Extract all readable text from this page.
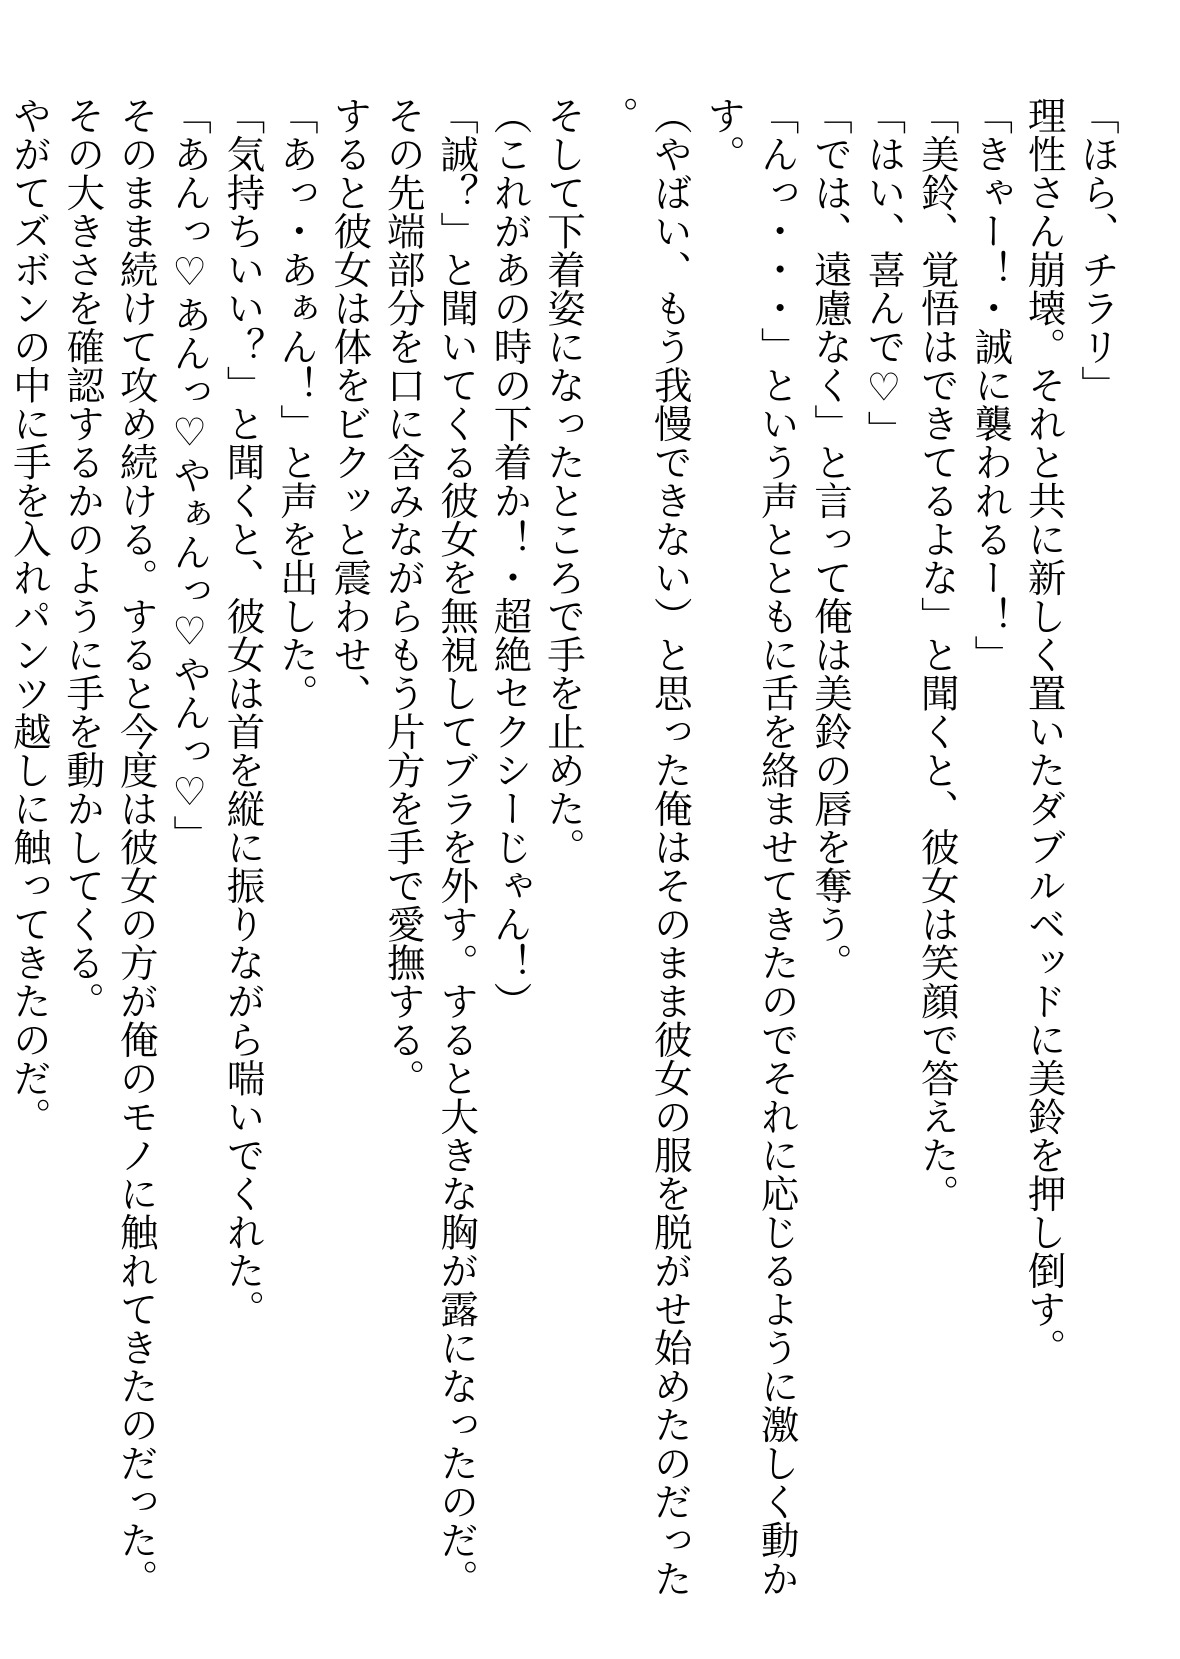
「ほら、チラリ」

理性さん崩壊。それと共に新しく置いたダブルベッドに美鈴を押し倒す。

「きゃー！・誠に襲われるー！」

「美鈴、覚悟はできてるよな」と聞くと、彼女は笑顔で答えた。

「はい、喜んで♡」

「では、遠慮なく」と言って俺は美鈴の唇を奪う。

「んっ・・・」という声とともに舌を絡ませてきたのでそれに応じるように激しく動かす。

（やばい、もう我慢できない）と思った俺はそのまま彼女の服を脱がせ始めたのだった。

そして下着姿になったところで手を止めた。

（これがあの時の下着か！・超絶セクシーじゃん！）

「誠？」と聞いてくる彼女を無視してブラを外す。すると大きな胸が露になったのだ。

その先端部分を口に含みながらもう片方を手で愛撫する。

すると彼女は体をビクッと震わせ、

「あっ・あぁん！」と声を出した。

「気持ちいい？」と聞くと、彼女は首を縦に振りながら喘いでくれた。

「あんっ♡あんっ♡やぁんっ♡やんっ♡」

そのまま続けて攻め続ける。すると今度は彼女の方が俺のモノに触れてきたのだった。

その大きさを確認するかのように手を動かしてくる。

やがてズボンの中に手を入れパンツ越しに触ってきたのだ。
